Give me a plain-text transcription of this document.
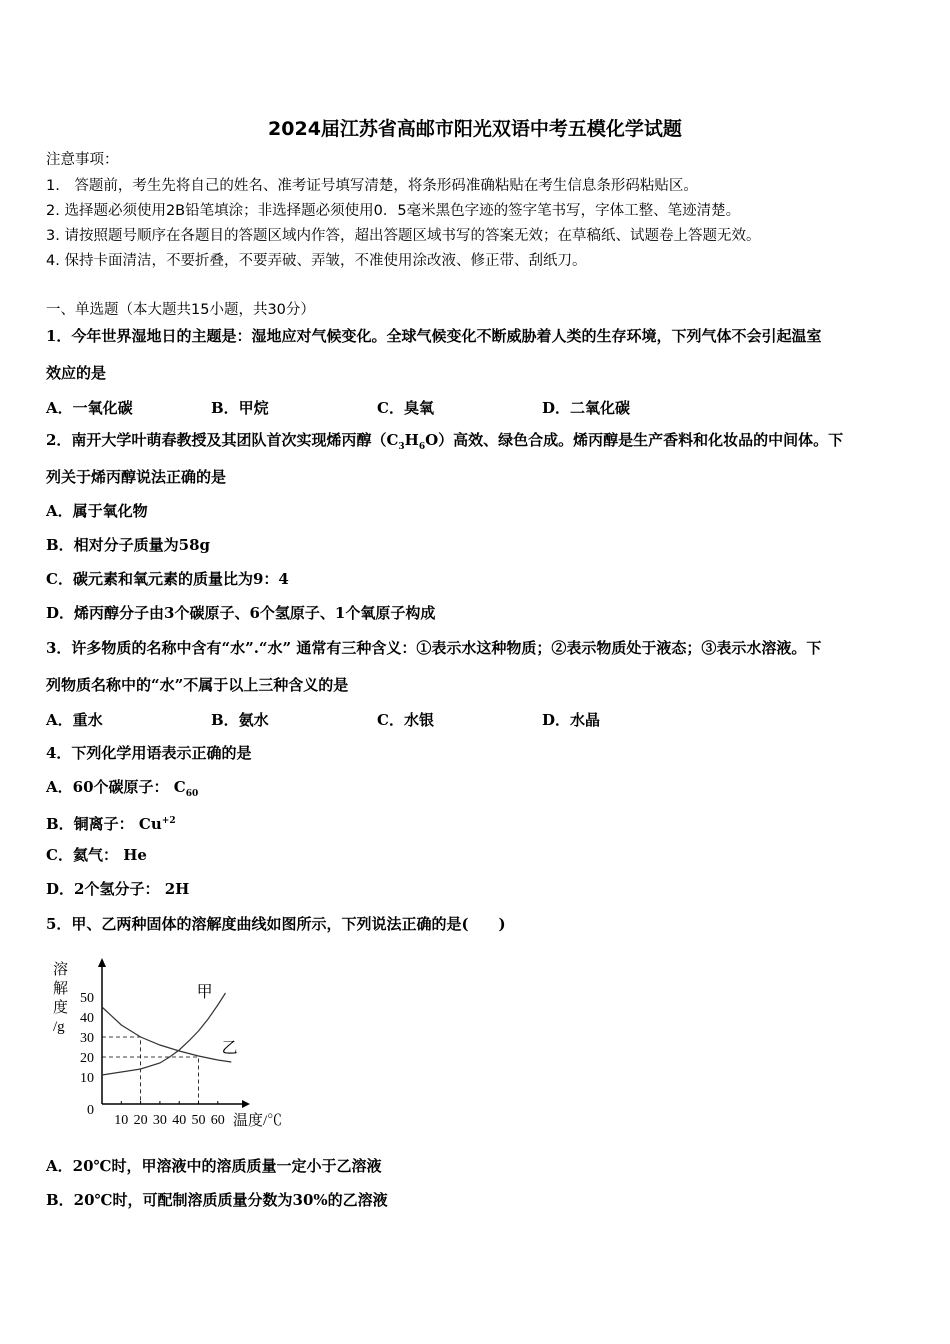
2024届江苏省高邮市阳光双语中考五模化学试题
注意事项：
1.　答题前，考生先将自己的姓名、准考证号填写清楚，将条形码准确粘贴在考生信息条形码粘贴区。
2. 选择题必须使用2B铅笔填涂；非选择题必须使用0．5毫米黑色字迹的签字笔书写，字体工整、笔迹清楚。
3. 请按照题号顺序在各题目的答题区域内作答，超出答题区域书写的答案无效；在草稿纸、试题卷上答题无效。
4. 保持卡面清洁，不要折叠，不要弄破、弄皱，不准使用涂改液、修正带、刮纸刀。
一、单选题（本大题共15小题，共30分）
1．今年世界湿地日的主题是：湿地应对气候变化。全球气候变化不断威胁着人类的生存环境，下列气体不会引起温室
效应的是
A．一氧化碳	B．甲烷	C．臭氧	D．二氧化碳
2．南开大学叶萌春教授及其团队首次实现烯丙醇$(C_3H_6O)$高效、绿色合成。烯丙醇是生产香料和化妆品的中间体。下
列关于烯丙醇说法正确的是
A．属于氧化物
B．相对分子质量为58g
C．碳元素和氧元素的质量比为9：4
D．烯丙醇分子由3个碳原子、6个氢原子、1个氧原子构成
3．许多物质的名称中含有“水”.“水” 通常有三种含义：①表示水这种物质；②表示物质处于液态；③表示水溶液。下
列物质名称中的“水”不属于以上三种含义的是
A．重水	B．氨水	C．水银	D．水晶
4．下列化学用语表示正确的是
A．60个碳原子： $C_{60}$
B．铜离子： $Cu^{+2}$
C．氦气： He
D．2个氢分子： 2H
5．甲、乙两种固体的溶解度曲线如图所示，下列说法正确的是(　　)
10 20 30 40 50 60
0
10
20
30
40
50
溶
解
度
/g
温度/℃
甲
乙
A．20℃时，甲溶液中的溶质质量一定小于乙溶液
B．20℃时，可配制溶质质量分数为30%的乙溶液
